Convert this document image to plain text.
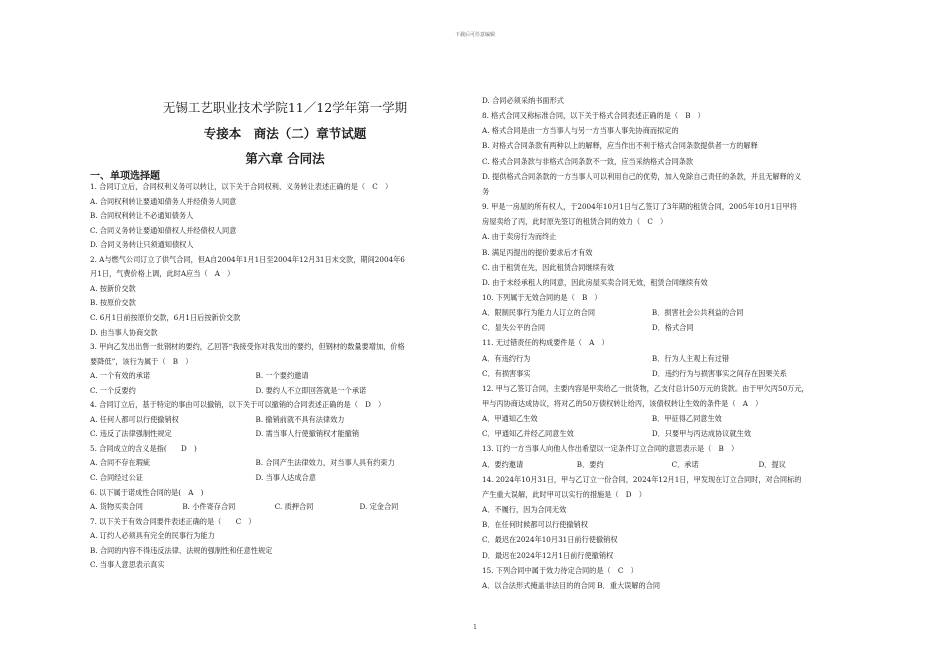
下载后可任意编辑
无锡工艺职业技术学院11／12学年第一学期
专接本　商法（二）章节试题
第六章 合同法
一、单项选择题
1. 合同订立后，合同权利义务可以转让，以下关于合同权利、义务转让表述正确的是（　C　）
A. 合同权利转让要通知债务人并经债务人同意
B. 合同权利转让不必通知债务人
C. 合同义务转让要通知债权人并经债权人同意
D. 合同义务转让只须通知债权人
2. A与燃气公司订立了供气合同，但A自2004年1月1日至2004年12月31日未交款，期间2004年6
月1日，气费价格上调，此时A应当（　A　）
A. 按新价交款
B. 按原价交款
C. 6月1日前按原价交款，6月1日后按新价交款
D. 由当事人协商交款
3. 甲向乙发出出售一批钢材的要约，乙回答“我接受你对我发出的要约，但钢材的数量要增加，价格
要降低”，该行为属于（　B　）
A. 一个有效的承诺	B. 一个要约邀请
C. 一个反要约	D. 要约人不立即回答就是一个承诺
4. 合同订立后，基于特定的事由可以撤销，以下关于可以撤销的合同表述正确的是（　D　）
A. 任何人都可以行使撤销权	B. 撤销前就不具有法律效力
C. 违反了法律强制性规定	D. 需当事人行使撤销权才能撤销
5. 合同成立的含义是指(　　D　)
A. 合同不存在瑕疵	B. 合同产生法律效力，对当事人具有约束力
C. 合同经过公证	D. 当事人达成合意
6. 以下属于诺成性合同的是(　A　)
A. 货物买卖合同	B. 小件寄存合同	C. 质押合同	D. 定金合同
7. 以下关于有效合同要件表述正确的是（　　C　）
A. 订约人必须具有完全的民事行为能力
B. 合同的内容不得违反法律、法规的强制性和任意性规定
C. 当事人意思表示真实
D. 合同必须采纳书面形式
8. 格式合同又称标准合同，以下关于格式合同表述正确的是（　B　）
A. 格式合同是由一方当事人与另一方当事人事先协商而拟定的
B. 对格式合同条款有两种以上的解释，应当作出不利于格式合同条款提供者一方的解释
C. 格式合同条款与非格式合同条款不一致，应当采纳格式合同条款
D. 提供格式合同条款的一方当事人可以利用自己的优势，加入免除自己责任的条款，并且无解释的义
务
9. 甲是一房屋的所有权人，于2004年10月1日与乙签订了3年期的租赁合同，2005年10月1日甲将
房屋卖给了丙，此时原先签订的租赁合同的效力（　C　）
A. 由于卖房行为而终止
B. 满足丙提出的提价要求后才有效
C. 由于租赁在先，因此租赁合同继续有效
D. 由于未经承租人的同意，因此房屋买卖合同无效，租赁合同继续有效
10. 下列属于无效合同的是（　B　）
A．限制民事行为能力人订立的合同	B．损害社会公共利益的合同
C．显失公平的合同	D．格式合同
11. 无过错责任的构成要件是（　A　）
A．有违约行为	B．行为人主观上有过错
C．有损害事实	D．违约行为与损害事实之间存在因果关系
12. 甲与乙签订合同，主要内容是甲卖给乙一批货物，乙支付总计50万元的货款。由于甲欠丙50万元，
甲与丙协商达成协议，将对乙的50万债权转让给丙，该债权转让生效的条件是（　A　）
A．甲通知乙生效	B．甲征得乙同意生效
C．甲通知乙并经乙同意生效	D．只要甲与丙达成协议就生效
13. 订约一方当事人向他人作出希望以一定条件订立合同的意思表示是（　B　）
A．要约邀请	B．要约	C．承诺	D．提议
14. 2024年10月31日，甲与乙订立一份合同，2024年12月1日，甲发现在订立合同时，对合同标的
产生重大误解，此时甲可以实行的措施是（　D　）
A．不履行，因为合同无效
B．在任何时候都可以行使撤销权
C．最迟在2024年10月31日前行使撤销权
D．最迟在2024年12月1日前行使撤销权
15. 下列合同中属于效力待定合同的是（　C　）
A．以合法形式掩盖非法目的的合同 B．重大误解的合同
1
